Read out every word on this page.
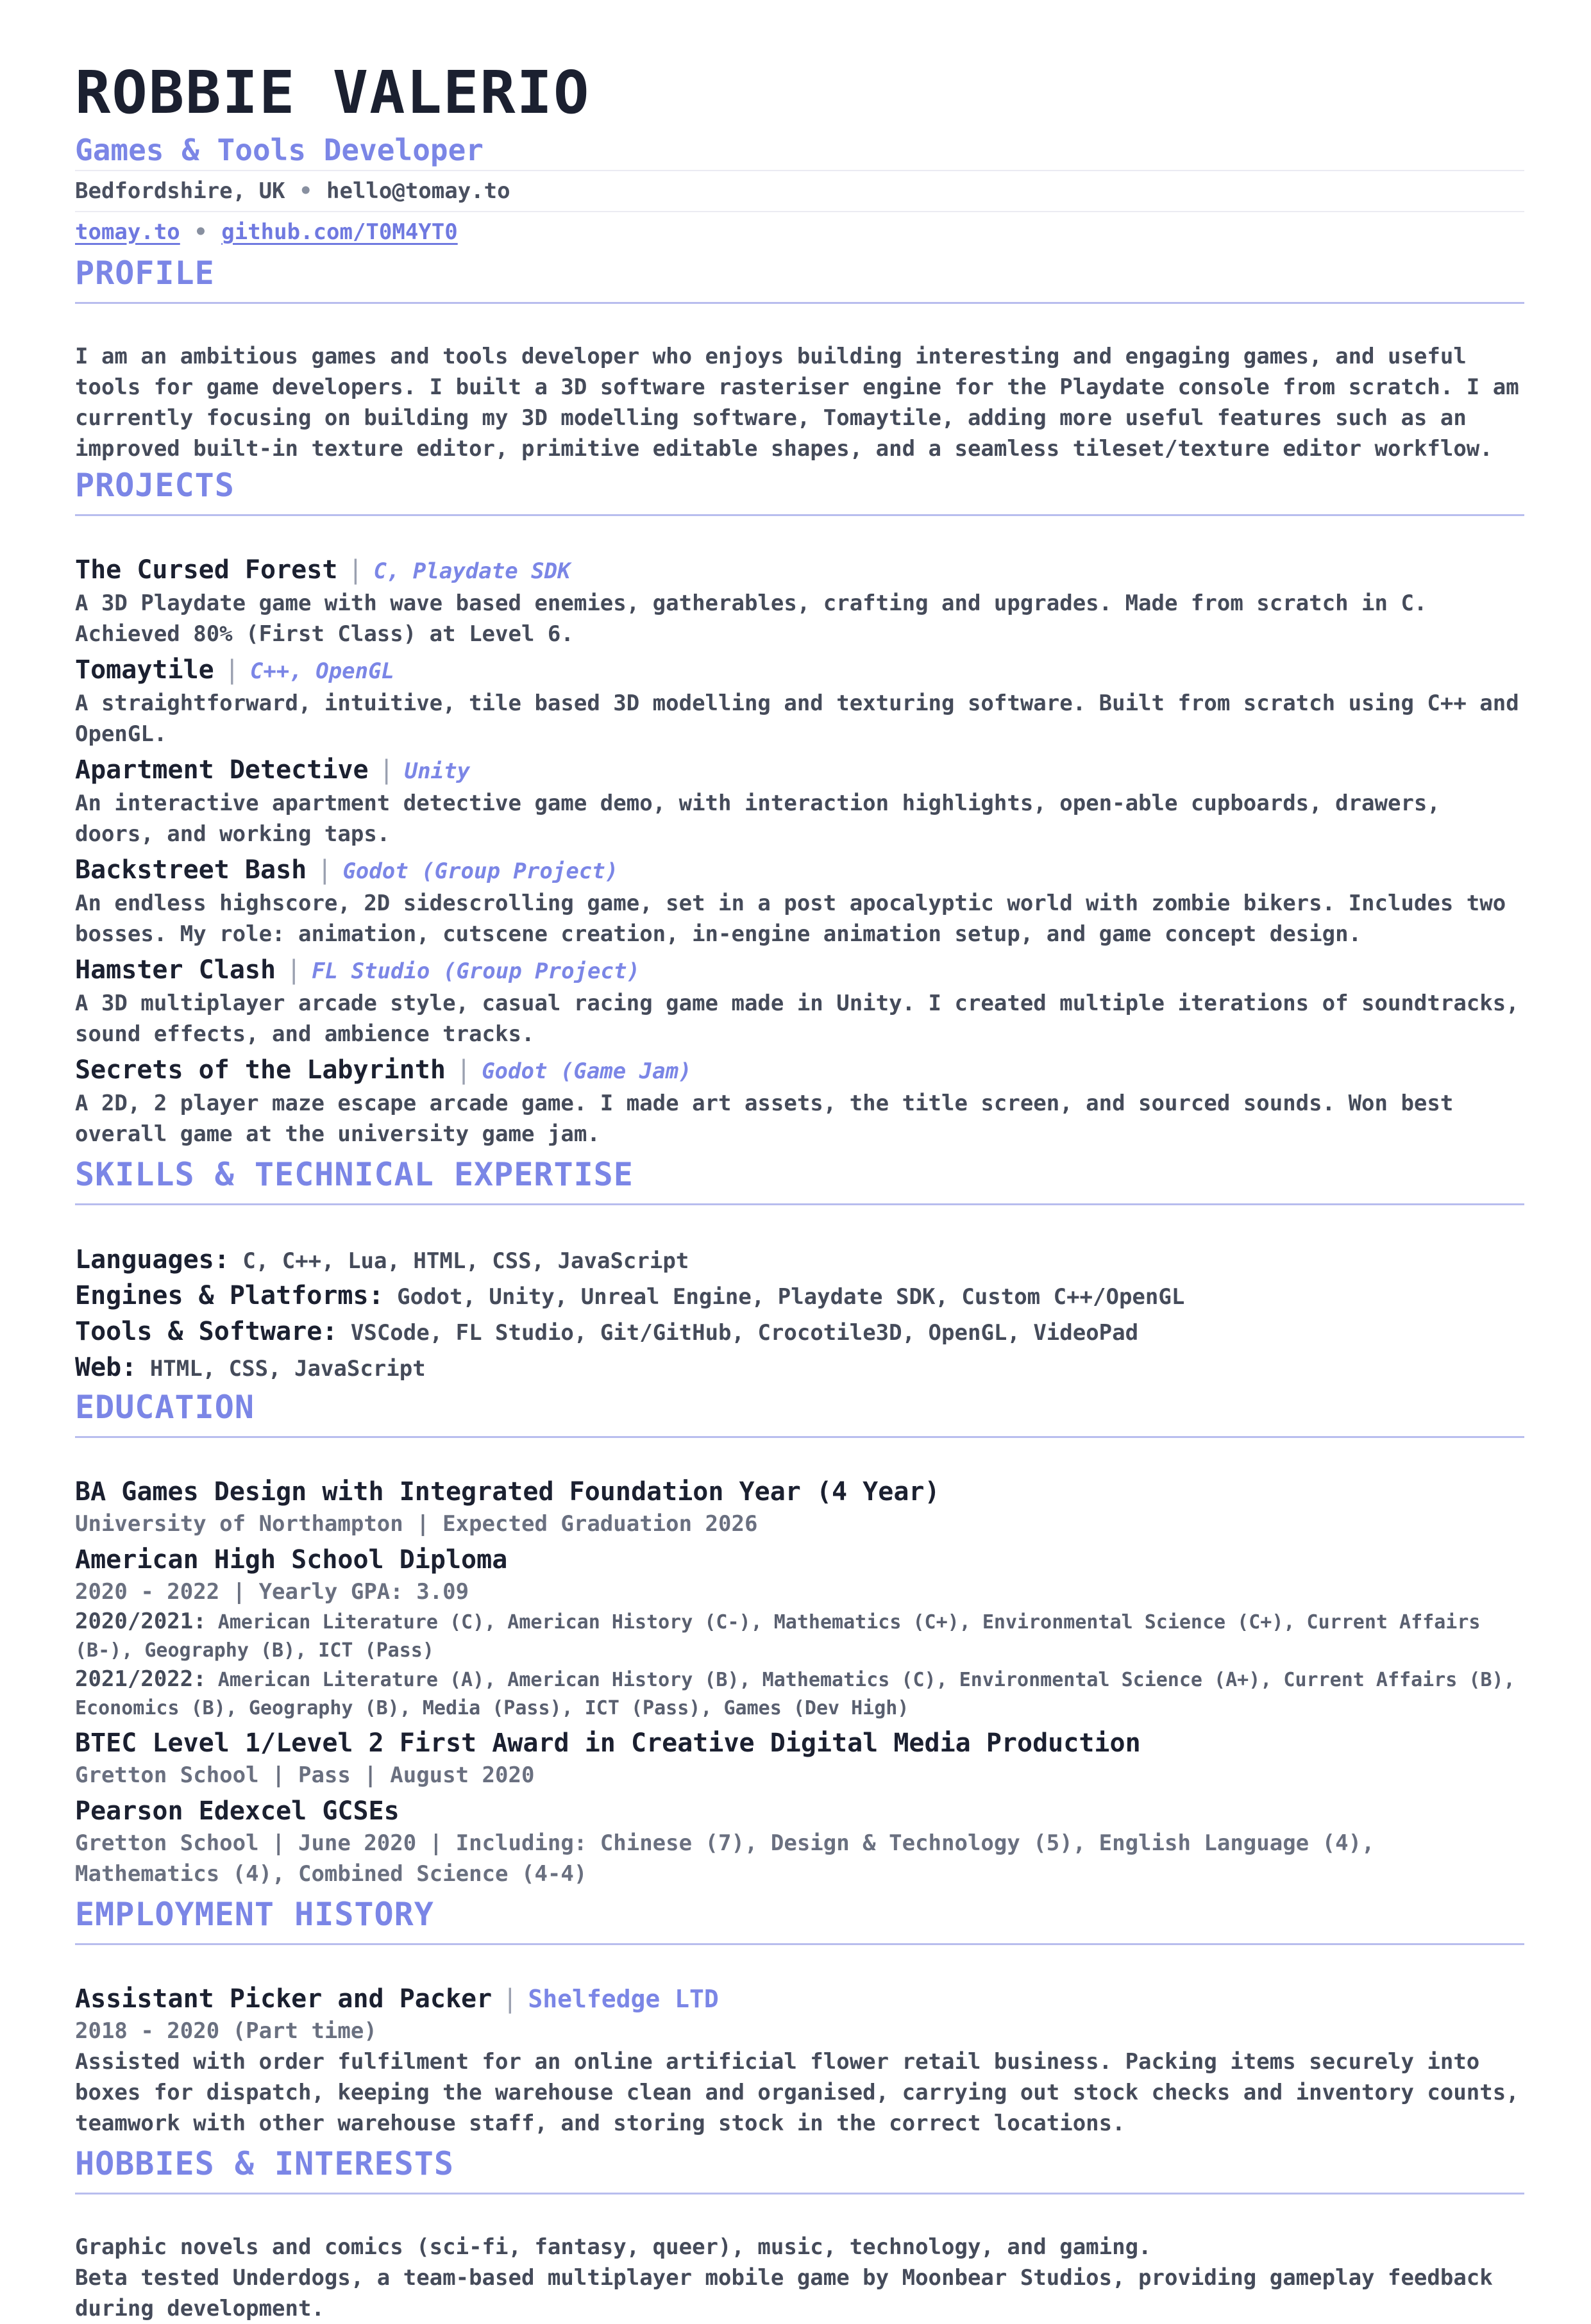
ROBBIE VALERIO
Games & Tools Developer
Bedfordshire, UK • hello@tomay.to
tomay.to • github.com/T0M4YT0
PROFILE

I am an ambitious games and tools developer who enjoys building interesting and engaging games, and useful tools for game developers. I built a 3D software rasteriser engine for the Playdate console from scratch. I am currently focusing on building my 3D modelling software, Tomaytile, adding more useful features such as an improved built-in texture editor, primitive editable shapes, and a seamless tileset/texture editor workflow.

PROJECTS
The Cursed Forest | C, Playdate SDK

A 3D Playdate game with wave based enemies, gatherables, crafting and upgrades. Made from scratch in C. Achieved 80% (First Class) at Level 6.

Tomaytile | C++, OpenGL

A straightforward, intuitive, tile based 3D modelling and texturing software. Built from scratch using C++ and OpenGL.

Apartment Detective | Unity

An interactive apartment detective game demo, with interaction highlights, open-able cupboards, drawers, doors, and working taps.

Backstreet Bash | Godot (Group Project)

An endless highscore, 2D sidescrolling game, set in a post apocalyptic world with zombie bikers. Includes two bosses. My role: animation, cutscene creation, in-engine animation setup, and game concept design.

Hamster Clash | FL Studio (Group Project)

A 3D multiplayer arcade style, casual racing game made in Unity. I created multiple iterations of soundtracks, sound effects, and ambience tracks.

Secrets of the Labyrinth | Godot (Game Jam)

A 2D, 2 player maze escape arcade game. I made art assets, the title screen, and sourced sounds. Won best overall game at the university game jam.

SKILLS & TECHNICAL EXPERTISE
Languages: C, C++, Lua, HTML, CSS, JavaScript
Engines & Platforms: Godot, Unity, Unreal Engine, Playdate SDK, Custom C++/OpenGL
Tools & Software: VSCode, FL Studio, Git/GitHub, Crocotile3D, OpenGL, VideoPad
Web: HTML, CSS, JavaScript
EDUCATION
BA Games Design with Integrated Foundation Year (4 Year)
University of Northampton | Expected Graduation 2026
American High School Diploma
2020 - 2022 | Yearly GPA: 3.09
2020/2021: American Literature (C), American History (C-), Mathematics (C+), Environmental Science (C+), Current Affairs (B-), Geography (B), ICT (Pass)
2021/2022: American Literature (A), American History (B), Mathematics (C), Environmental Science (A+), Current Affairs (B), Economics (B), Geography (B), Media (Pass), ICT (Pass), Games (Dev High)
BTEC Level 1/Level 2 First Award in Creative Digital Media Production
Gretton School | Pass | August 2020
Pearson Edexcel GCSEs
Gretton School | June 2020 | Including: Chinese (7), Design & Technology (5), English Language (4), Mathematics (4), Combined Science (4-4)
EMPLOYMENT HISTORY
Assistant Picker and Packer | Shelfedge LTD
2018 - 2020 (Part time)

Assisted with order fulfilment for an online artificial flower retail business. Packing items securely into boxes for dispatch, keeping the warehouse clean and organised, carrying out stock checks and inventory counts, teamwork with other warehouse staff, and storing stock in the correct locations.

HOBBIES & INTERESTS

Graphic novels and comics (sci-fi, fantasy, queer), music, technology, and gaming.

Beta tested Underdogs, a team-based multiplayer mobile game by Moonbear Studios, providing gameplay feedback during development.
